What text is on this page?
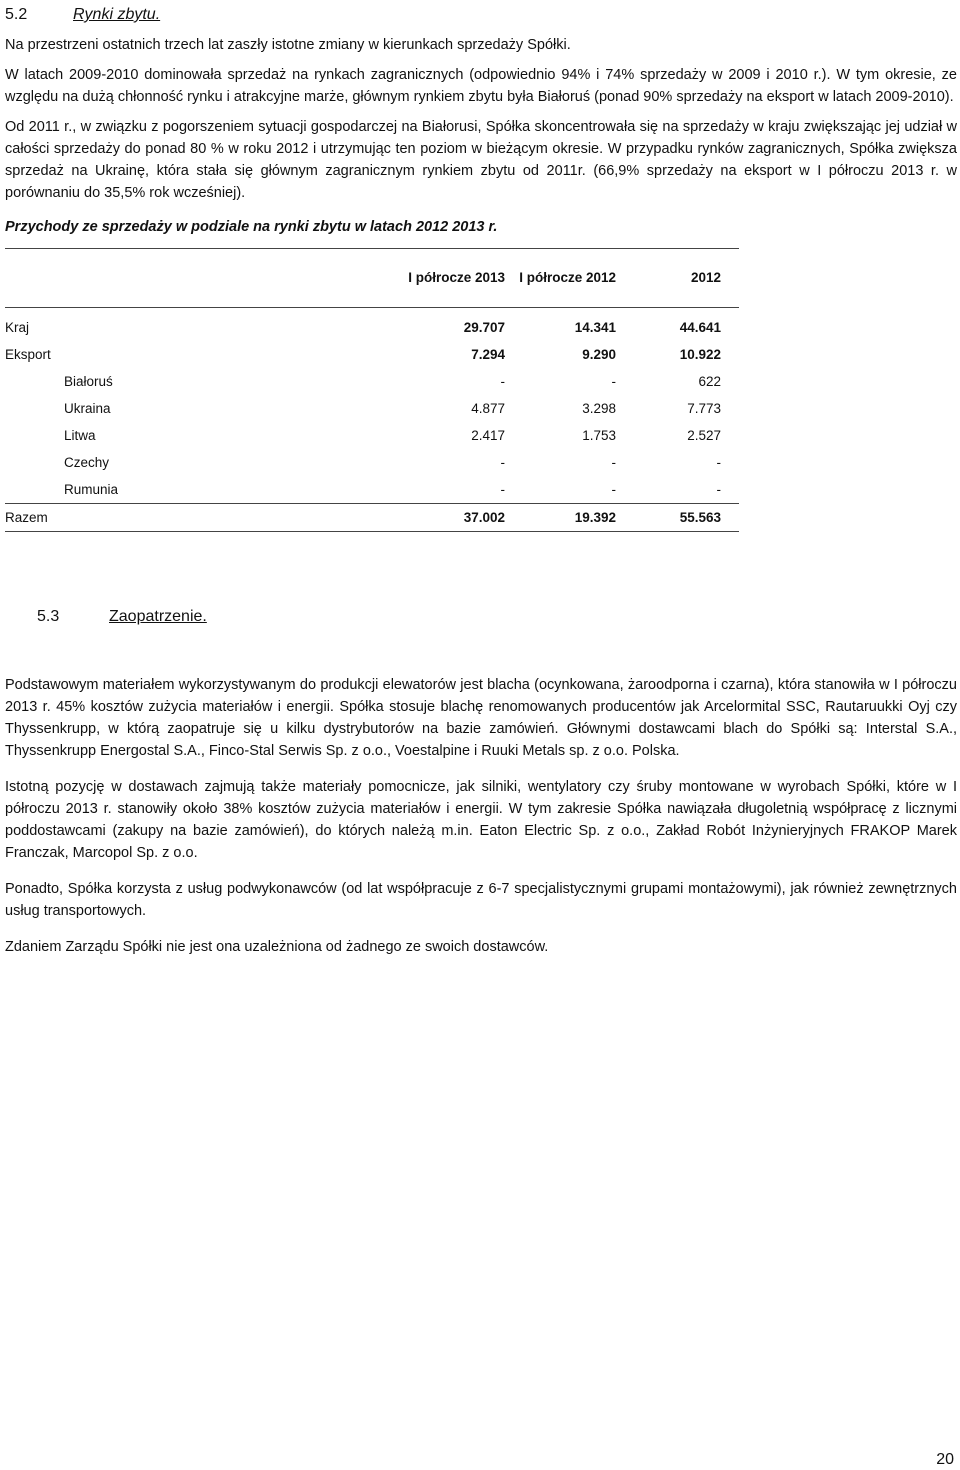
5.2	Rynki zbytu.

Na przestrzeni ostatnich trzech lat zaszły istotne zmiany w kierunkach sprzedaży Spółki.

W latach 2009-2010 dominowała sprzedaż na rynkach zagranicznych (odpowiednio 94% i 74% sprzedaży w 2009 i 2010 r.). W tym okresie, ze względu na dużą chłonność rynku i atrakcyjne marże, głównym rynkiem zbytu była Białoruś (ponad 90% sprzedaży na eksport w latach 2009-2010).

Od 2011 r., w związku z pogorszeniem sytuacji gospodarczej na Białorusi, Spółka skoncentrowała się na sprzedaży w kraju zwiększając jej udział w całości sprzedaży do ponad 80 % w roku 2012 i utrzymując ten poziom w bieżącym okresie. W przypadku rynków zagranicznych, Spółka zwiększa sprzedaż na Ukrainę, która stała się głównym zagranicznym rynkiem zbytu od 2011r. (66,9% sprzedaży na eksport w I półroczu 2013 r. w porównaniu do 35,5% rok wcześniej).

Przychody ze sprzedaży w podziale na rynki zbytu w latach 2012 2013 r.
I półrocze 2013	I półrocze 2012	2012
Kraj	29.707	14.341	44.641
Eksport	7.294	9.290	10.922
Białoruś	-	-	622
Ukraina	4.877	3.298	7.773
Litwa	2.417	1.753	2.527
Czechy	-	-	-
Rumunia	-	-	-
Razem	37.002	19.392	55.563
5.3	Zaopatrzenie.

Podstawowym materiałem wykorzystywanym do produkcji elewatorów jest blacha (ocynkowana, żaroodporna i czarna), która stanowiła w I półroczu 2013 r. 45% kosztów zużycia materiałów i energii. Spółka stosuje blachę renomowanych producentów jak Arcelormital SSC, Rautaruukki Oyj czy Thyssenkrupp, w którą zaopatruje się u kilku dystrybutorów na bazie zamówień. Głównymi dostawcami blach do Spółki są: Interstal S.A., Thyssenkrupp Energostal S.A., Finco-Stal Serwis Sp. z o.o., Voestalpine i Ruuki Metals sp. z o.o. Polska.

Istotną pozycję w dostawach zajmują także materiały pomocnicze, jak silniki, wentylatory czy śruby montowane w wyrobach Spółki, które w I półroczu 2013 r. stanowiły około 38% kosztów zużycia materiałów i energii. W tym zakresie Spółka nawiązała długoletnią współpracę z licznymi poddostawcami (zakupy na bazie zamówień), do których należą m.in. Eaton Electric Sp. z o.o., Zakład Robót Inżynieryjnych FRAKOP Marek Franczak, Marcopol Sp. z o.o.

Ponadto, Spółka korzysta z usług podwykonawców (od lat współpracuje z 6-7 specjalistycznymi grupami montażowymi), jak również zewnętrznych usług transportowych.

Zdaniem Zarządu Spółki nie jest ona uzależniona od żadnego ze swoich dostawców.

20
